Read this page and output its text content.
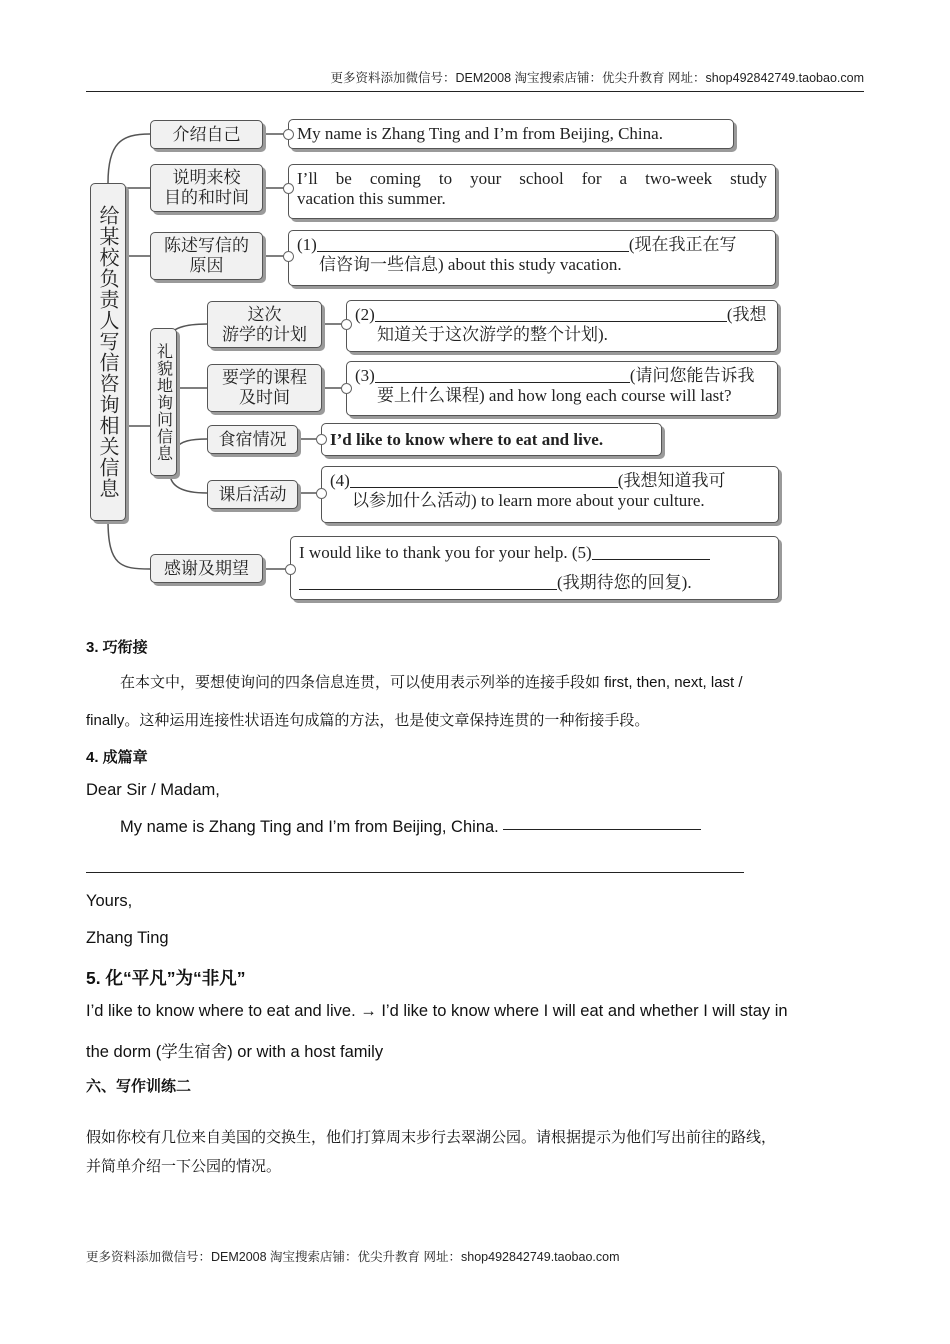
更多资料添加微信号：DEM2008 淘宝搜索店铺：优尖升教育 网址：shop492842749.taobao.com
给某校负责人写信咨询相关信息
介绍自己
说明来校
目的和时间
陈述写信的
原因
礼貌地询问信息
这次
游学的计划
要学的课程
及时间
食宿情况
课后活动
感谢及期望
My name is Zhang Ting and I’m from Beijing, China.
I’ll be coming to your school for a two-week study
vacation this summer.
(1)	(现在我正在写
信咨询一些信息) about this study vacation.
(2)	(我想
知道关于这次游学的整个计划).
(3)	(请问您能告诉我
要上什么课程) and how long each course will last?
I’d like to know where to eat and live.
(4)	(我想知道我可
以参加什么活动) to learn more about your culture.
I would like to thank you for your help. (5)
(我期待您的回复).
3. 巧衔接
在本文中，要想使询问的四条信息连贯，可以使用表示列举的连接手段如 first, then, next, last /
finally。这种运用连接性状语连句成篇的方法，也是使文章保持连贯的一种衔接手段。
4. 成篇章
Dear Sir / Madam,
My name is Zhang Ting and I’m from Beijing, China.
Yours,
Zhang Ting
5. 化“平凡”为“非凡”
I’d like to know where to eat and live. → I’d like to know where I will eat and whether I will stay in
the dorm (学生宿舍) or with a host family
六、写作训练二
假如你校有几位来自美国的交换生，他们打算周末步行去翠湖公园。请根据提示为他们写出前往的路线，
并简单介绍一下公园的情况。
更多资料添加微信号：DEM2008 淘宝搜索店铺：优尖升教育 网址：shop492842749.taobao.com
